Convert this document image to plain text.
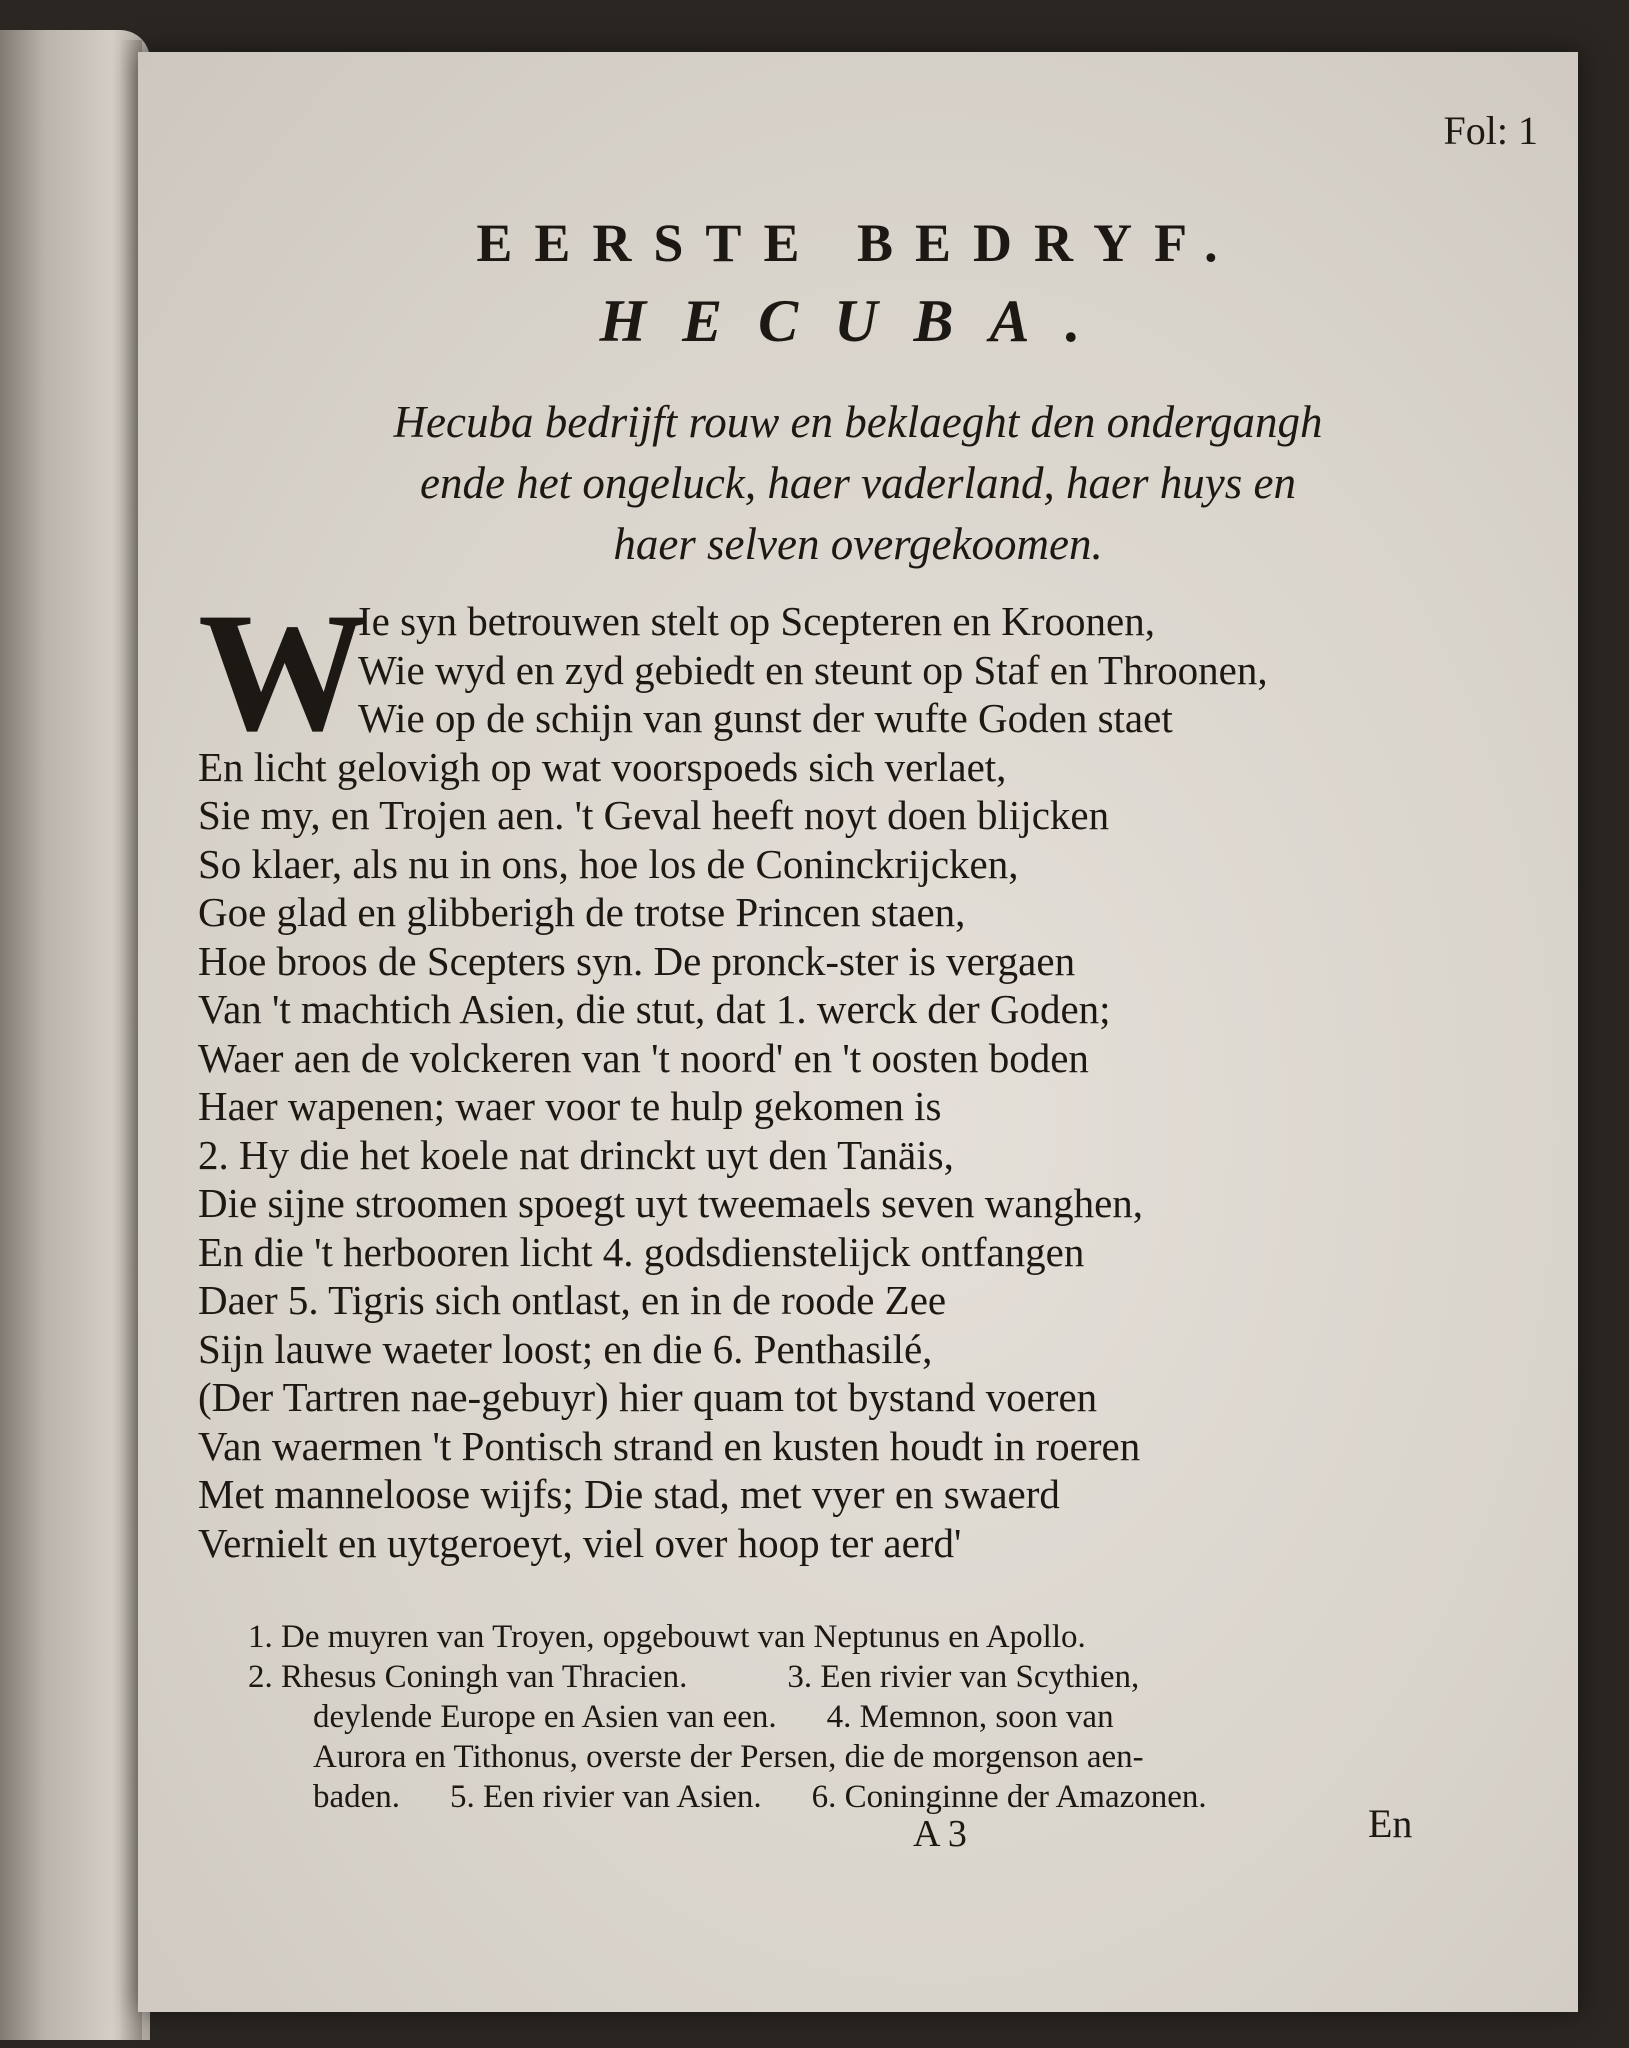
Fol: 1
EERSTE BEDRYF.
HECUBA.
Hecuba bedrijft rouw en beklaeght den ondergangh
ende het ongeluck, haer vaderland, haer huys en
haer selven overgekoomen.
W
Ie syn betrouwen stelt op Scepteren en Kroonen,
Wie wyd en zyd gebiedt en steunt op Staf en Throonen,
Wie op de schijn van gunst der wufte Goden staet
En licht gelovigh op wat voorspoeds sich verlaet,
Sie my, en Trojen aen. 't Geval heeft noyt doen blijcken
So klaer, als nu in ons, hoe los de Coninckrijcken,
Goe glad en glibberigh de trotse Princen staen,
Hoe broos de Scepters syn. De pronck-ster is vergaen
Van 't machtich Asien, die stut, dat 1. werck der Goden;
Waer aen de volckeren van 't noord' en 't oosten boden
Haer wapenen; waer voor te hulp gekomen is
2. Hy die het koele nat drinckt uyt den Tanäis,
Die sijne stroomen spoegt uyt tweemaels seven wanghen,
En die 't herbooren licht 4. godsdienstelijck ontfangen
Daer 5. Tigris sich ontlast, en in de roode Zee
Sijn lauwe waeter loost; en die 6. Penthasilé,
(Der Tartren nae-gebuyr) hier quam tot bystand voeren
Van waermen 't Pontisch strand en kusten houdt in roeren
Met manneloose wijfs; Die stad, met vyer en swaerd
Vernielt en uytgeroeyt, viel over hoop ter aerd'
1. De muyren van Troyen, opgebouwt van Neptunus en Apollo.
2. Rhesus Coningh van Thracien.	3. Een rivier van Scythien,
deylende Europe en Asien van een. 4. Memnon, soon van
Aurora en Tithonus, overste der Persen, die de morgenson aen-
baden. 5. Een rivier van Asien. 6. Coninginne der Amazonen.
A 3	En
